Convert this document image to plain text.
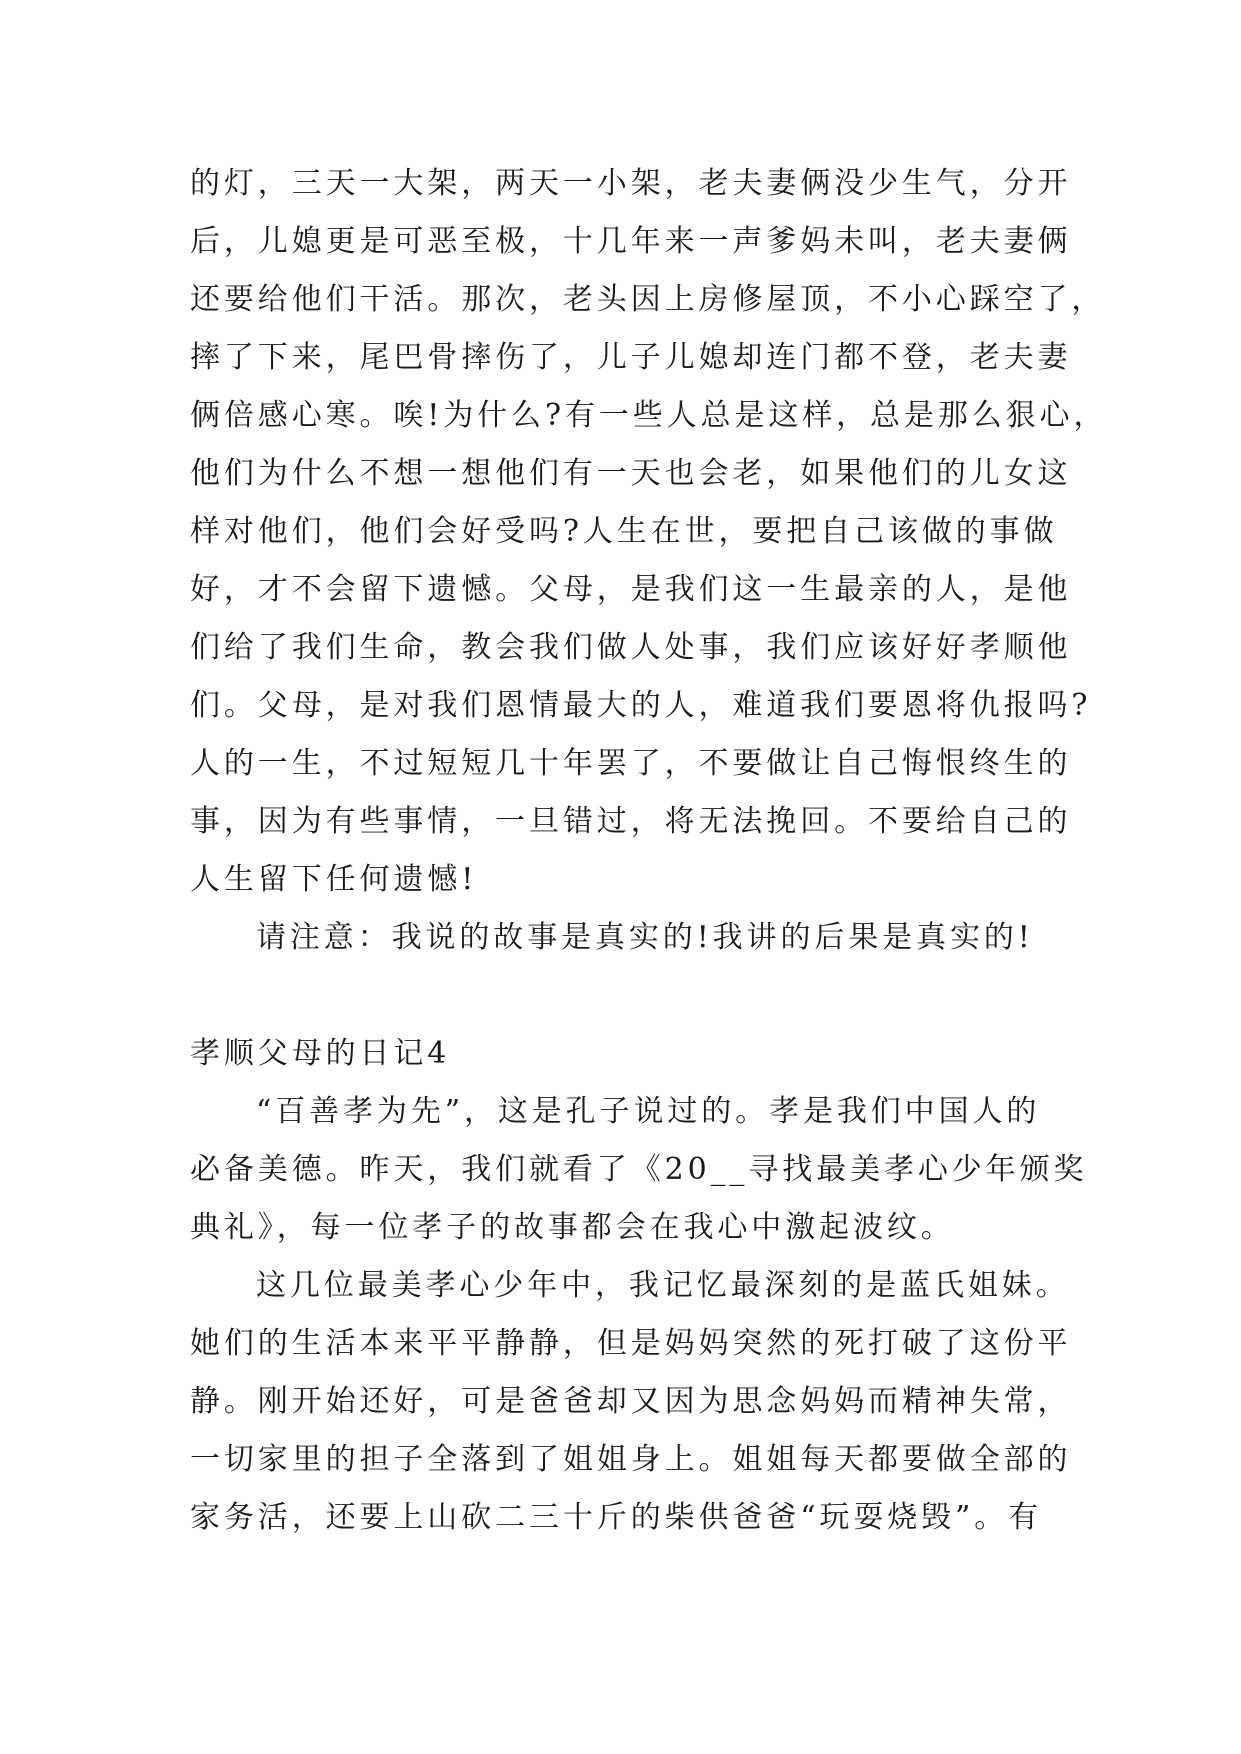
的灯，三天一大架，两天一小架，老夫妻俩没少生气，分开
后，儿媳更是可恶至极，十几年来一声爹妈未叫，老夫妻俩
还要给他们干活。那次，老头因上房修屋顶，不小心踩空了，
摔了下来，尾巴骨摔伤了，儿子儿媳却连门都不登，老夫妻
俩倍感心寒。唉!为什么?有一些人总是这样，总是那么狠心，
他们为什么不想一想他们有一天也会老，如果他们的儿女这
样对他们，他们会好受吗?人生在世，要把自己该做的事做
好，才不会留下遗憾。父母，是我们这一生最亲的人，是他
们给了我们生命，教会我们做人处事，我们应该好好孝顺他
们。父母，是对我们恩情最大的人，难道我们要恩将仇报吗?
人的一生，不过短短几十年罢了，不要做让自己悔恨终生的
事，因为有些事情，一旦错过，将无法挽回。不要给自己的
人生留下任何遗憾!
请注意：我说的故事是真实的!我讲的后果是真实的!
孝顺父母的日记4
“百善孝为先”，这是孔子说过的。孝是我们中国人的
必备美德。昨天，我们就看了《20__寻找最美孝心少年颁奖
典礼》，每一位孝子的故事都会在我心中激起波纹。
这几位最美孝心少年中，我记忆最深刻的是蓝氏姐妹。
她们的生活本来平平静静，但是妈妈突然的死打破了这份平
静。刚开始还好，可是爸爸却又因为思念妈妈而精神失常，
一切家里的担子全落到了姐姐身上。姐姐每天都要做全部的
家务活，还要上山砍二三十斤的柴供爸爸“玩耍烧毁”。有
